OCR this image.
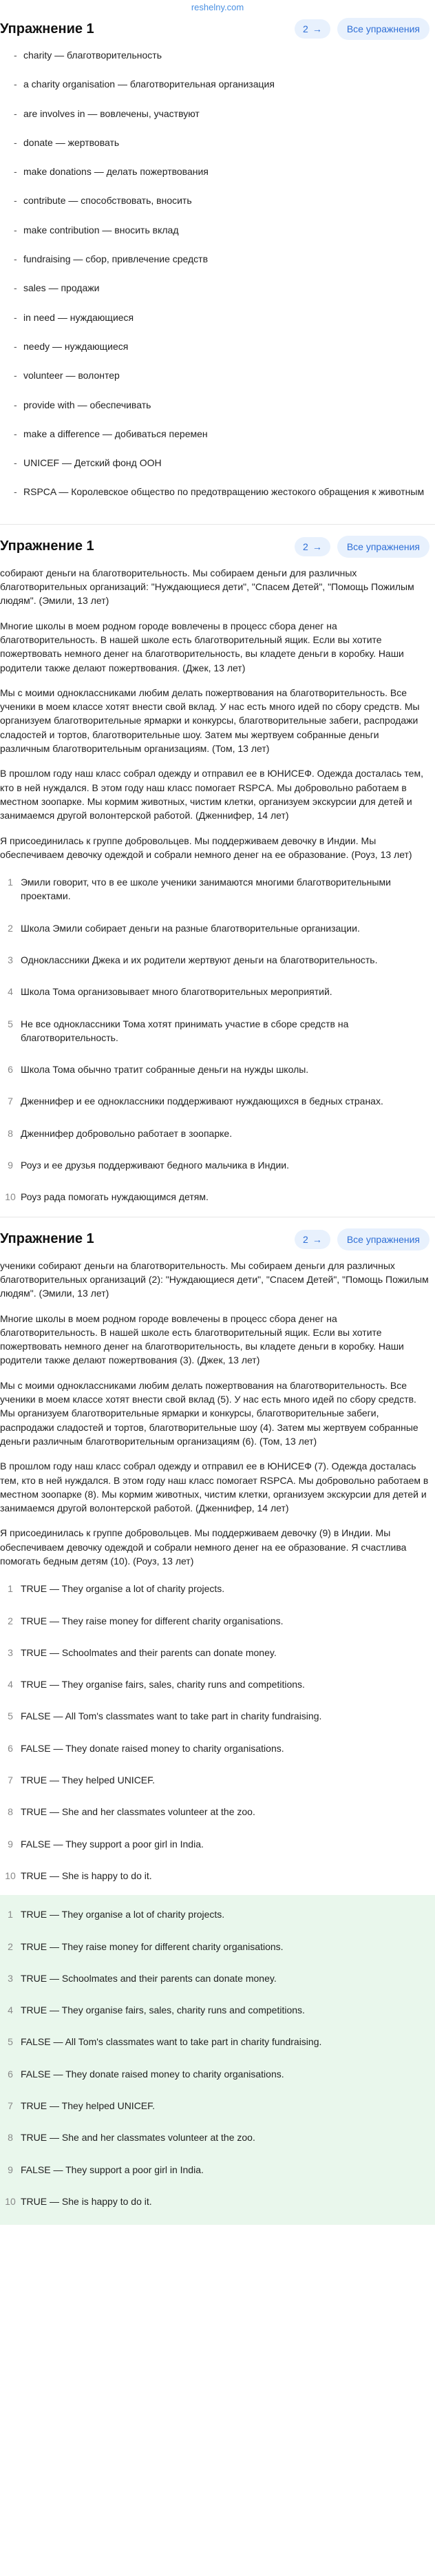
reshelny.com
Упражнение 1	2 →	Все упражнения
- charity — благотворительность
- a charity organisation — благотворительная организация
- are involves in — вовлечены, участвуют
- donate — жертвовать
- make donations — делать пожертвования
- contribute — способствовать, вносить
- make contribution — вносить вклад
- fundraising — сбор, привлечение средств
- sales — продажи
- in need — нуждающиеся
- needy — нуждающиеся
- volunteer — волонтер
- provide with — обеспечивать
- make a difference — добиваться перемен
- UNICEF — Детский фонд ООН
- RSPCA — Королевское общество по предотвращению жестокого обращения к животным
Упражнение 1	2 →	Все упражнения

собирают деньги на благотворительность. Мы собираем деньги для различных благотворительных организаций: "Нуждающиеся дети", "Спасем Детей", "Помощь Пожилым людям". (Эмили, 13 лет)

Многие школы в моем родном городе вовлечены в процесс сбора денег на благотворительность. В нашей школе есть благотворительный ящик. Если вы хотите пожертвовать немного денег на благотворительность, вы кладете деньги в коробку. Наши родители также делают пожертвования. (Джек, 13 лет)

Мы с моими одноклассниками любим делать пожертвования на благотворительность. Все ученики в моем классе хотят внести свой вклад. У нас есть много идей по сбору средств. Мы организуем благотворительные ярмарки и конкурсы, благотворительные забеги, распродажи сладостей и тортов, благотворительные шоу. Затем мы жертвуем собранные деньги различным благотворительным организациям. (Том, 13 лет)

В прошлом году наш класс собрал одежду и отправил ее в ЮНИСЕФ. Одежда досталась тем, кто в ней нуждался. В этом году наш класс помогает RSPCA. Мы добровольно работаем в местном зоопарке. Мы кормим животных, чистим клетки, организуем экскурсии для детей и занимаемся другой волонтерской работой. (Дженнифер, 14 лет)

Я присоединилась к группе добровольцев. Мы поддерживаем девочку в Индии. Мы обеспечиваем девочку одеждой и собрали немного денег на ее образование. (Роуз, 13 лет)

1 Эмили говорит, что в ее школе ученики занимаются многими благотворительными проектами.
2 Школа Эмили собирает деньги на разные благотворительные организации.
3 Одноклассники Джека и их родители жертвуют деньги на благотворительность.
4 Школа Тома организовывает много благотворительных мероприятий.
5 Не все одноклассники Тома хотят принимать участие в сборе средств на благотворительность.
6 Школа Тома обычно тратит собранные деньги на нужды школы.
7 Дженнифер и ее одноклассники поддерживают нуждающихся в бедных странах.
8 Дженнифер добровольно работает в зоопарке.
9 Роуз и ее друзья поддерживают бедного мальчика в Индии.
10 Роуз рада помогать нуждающимся детям.
Упражнение 1	2 →	Все упражнения

ученики собирают деньги на благотворительность. Мы собираем деньги для различных благотворительных организаций (2): "Нуждающиеся дети", "Спасем Детей", "Помощь Пожилым людям". (Эмили, 13 лет)

Многие школы в моем родном городе вовлечены в процесс сбора денег на благотворительность. В нашей школе есть благотворительный ящик. Если вы хотите пожертвовать немного денег на благотворительность, вы кладете деньги в коробку. Наши родители также делают пожертвования (3). (Джек, 13 лет)

Мы с моими одноклассниками любим делать пожертвования на благотворительность. Все ученики в моем классе хотят внести свой вклад (5). У нас есть много идей по сбору средств. Мы организуем благотворительные ярмарки и конкурсы, благотворительные забеги, распродажи сладостей и тортов, благотворительные шоу (4). Затем мы жертвуем собранные деньги различным благотворительным организациям (6). (Том, 13 лет)

В прошлом году наш класс собрал одежду и отправил ее в ЮНИСЕФ (7). Одежда досталась тем, кто в ней нуждался. В этом году наш класс помогает RSPCA. Мы добровольно работаем в местном зоопарке (8). Мы кормим животных, чистим клетки, организуем экскурсии для детей и занимаемся другой волонтерской работой. (Дженнифер, 14 лет)

Я присоединилась к группе добровольцев. Мы поддерживаем девочку (9) в Индии. Мы обеспечиваем девочку одеждой и собрали немного денег на ее образование. Я счастлива помогать бедным детям (10). (Роуз, 13 лет)

1 TRUE — They organise a lot of charity projects.
2 TRUE — They raise money for different charity organisations.
3 TRUE — Schoolmates and their parents can donate money.
4 TRUE — They organise fairs, sales, charity runs and competitions.
5 FALSE — All Tom's classmates want to take part in charity fundraising.
6 FALSE — They donate raised money to charity organisations.
7 TRUE — They helped UNICEF.
8 TRUE — She and her classmates volunteer at the zoo.
9 FALSE — They support a poor girl in India.
10 TRUE — She is happy to do it.
1 TRUE — They organise a lot of charity projects.
2 TRUE — They raise money for different charity organisations.
3 TRUE — Schoolmates and their parents can donate money.
4 TRUE — They organise fairs, sales, charity runs and competitions.
5 FALSE — All Tom's classmates want to take part in charity fundraising.
6 FALSE — They donate raised money to charity organisations.
7 TRUE — They helped UNICEF.
8 TRUE — She and her classmates volunteer at the zoo.
9 FALSE — They support a poor girl in India.
10 TRUE — She is happy to do it.
